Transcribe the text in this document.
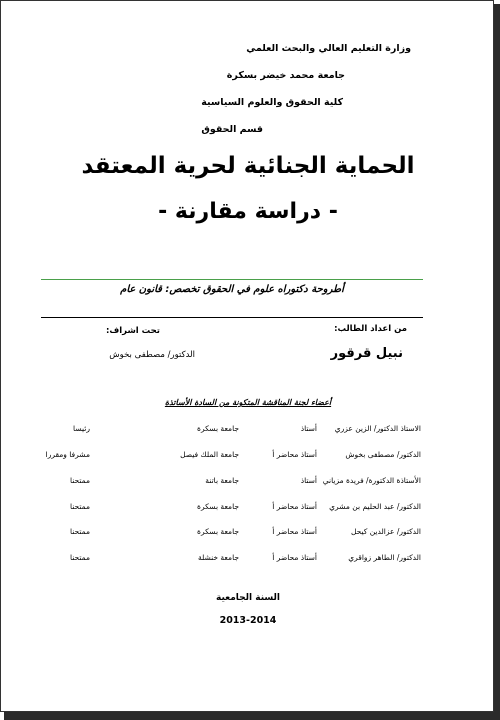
وزارة التعليم العالي والبحث العلمي
جامعة محمد خيضر بسكرة
كلية الحقوق والعلوم السياسية
قسم الحقوق
الحماية الجنائية لحرية المعتقد
- دراسة مقارنة -
أطروحة دكتوراه علوم في الحقوق تخصص: قانون عام
من اعداد الطالب:
تحت اشراف:
نبيل قرقور
الدكتور/ مصطفى بخوش
أعضاء لجنة المناقشة المتكونة من السادة الأساتذة
الاستاذ الدكتور/ الزين عزري
أستاذ
جامعة بسكرة
رئيسا
الدكتور/ مصطفى بخوش
أستاذ محاضر أ
جامعة الملك فيصل
مشرفا ومقررا
الأستاذة الدكتورة/ فريدة مزياني
أستاذ
جامعة باتنة
ممتحنا
الدكتور/ عبد الحليم بن مشري
أستاذ محاضر أ
جامعة بسكرة
ممتحنا
الدكتور/ عزالدين كيحل
أستاذ محاضر أ
جامعة بسكرة
ممتحنا
الدكتور/ الطاهر زواقري
أستاذ محاضر أ
جامعة خنشلة
ممتحنا
السنة الجامعية
2013-2014
